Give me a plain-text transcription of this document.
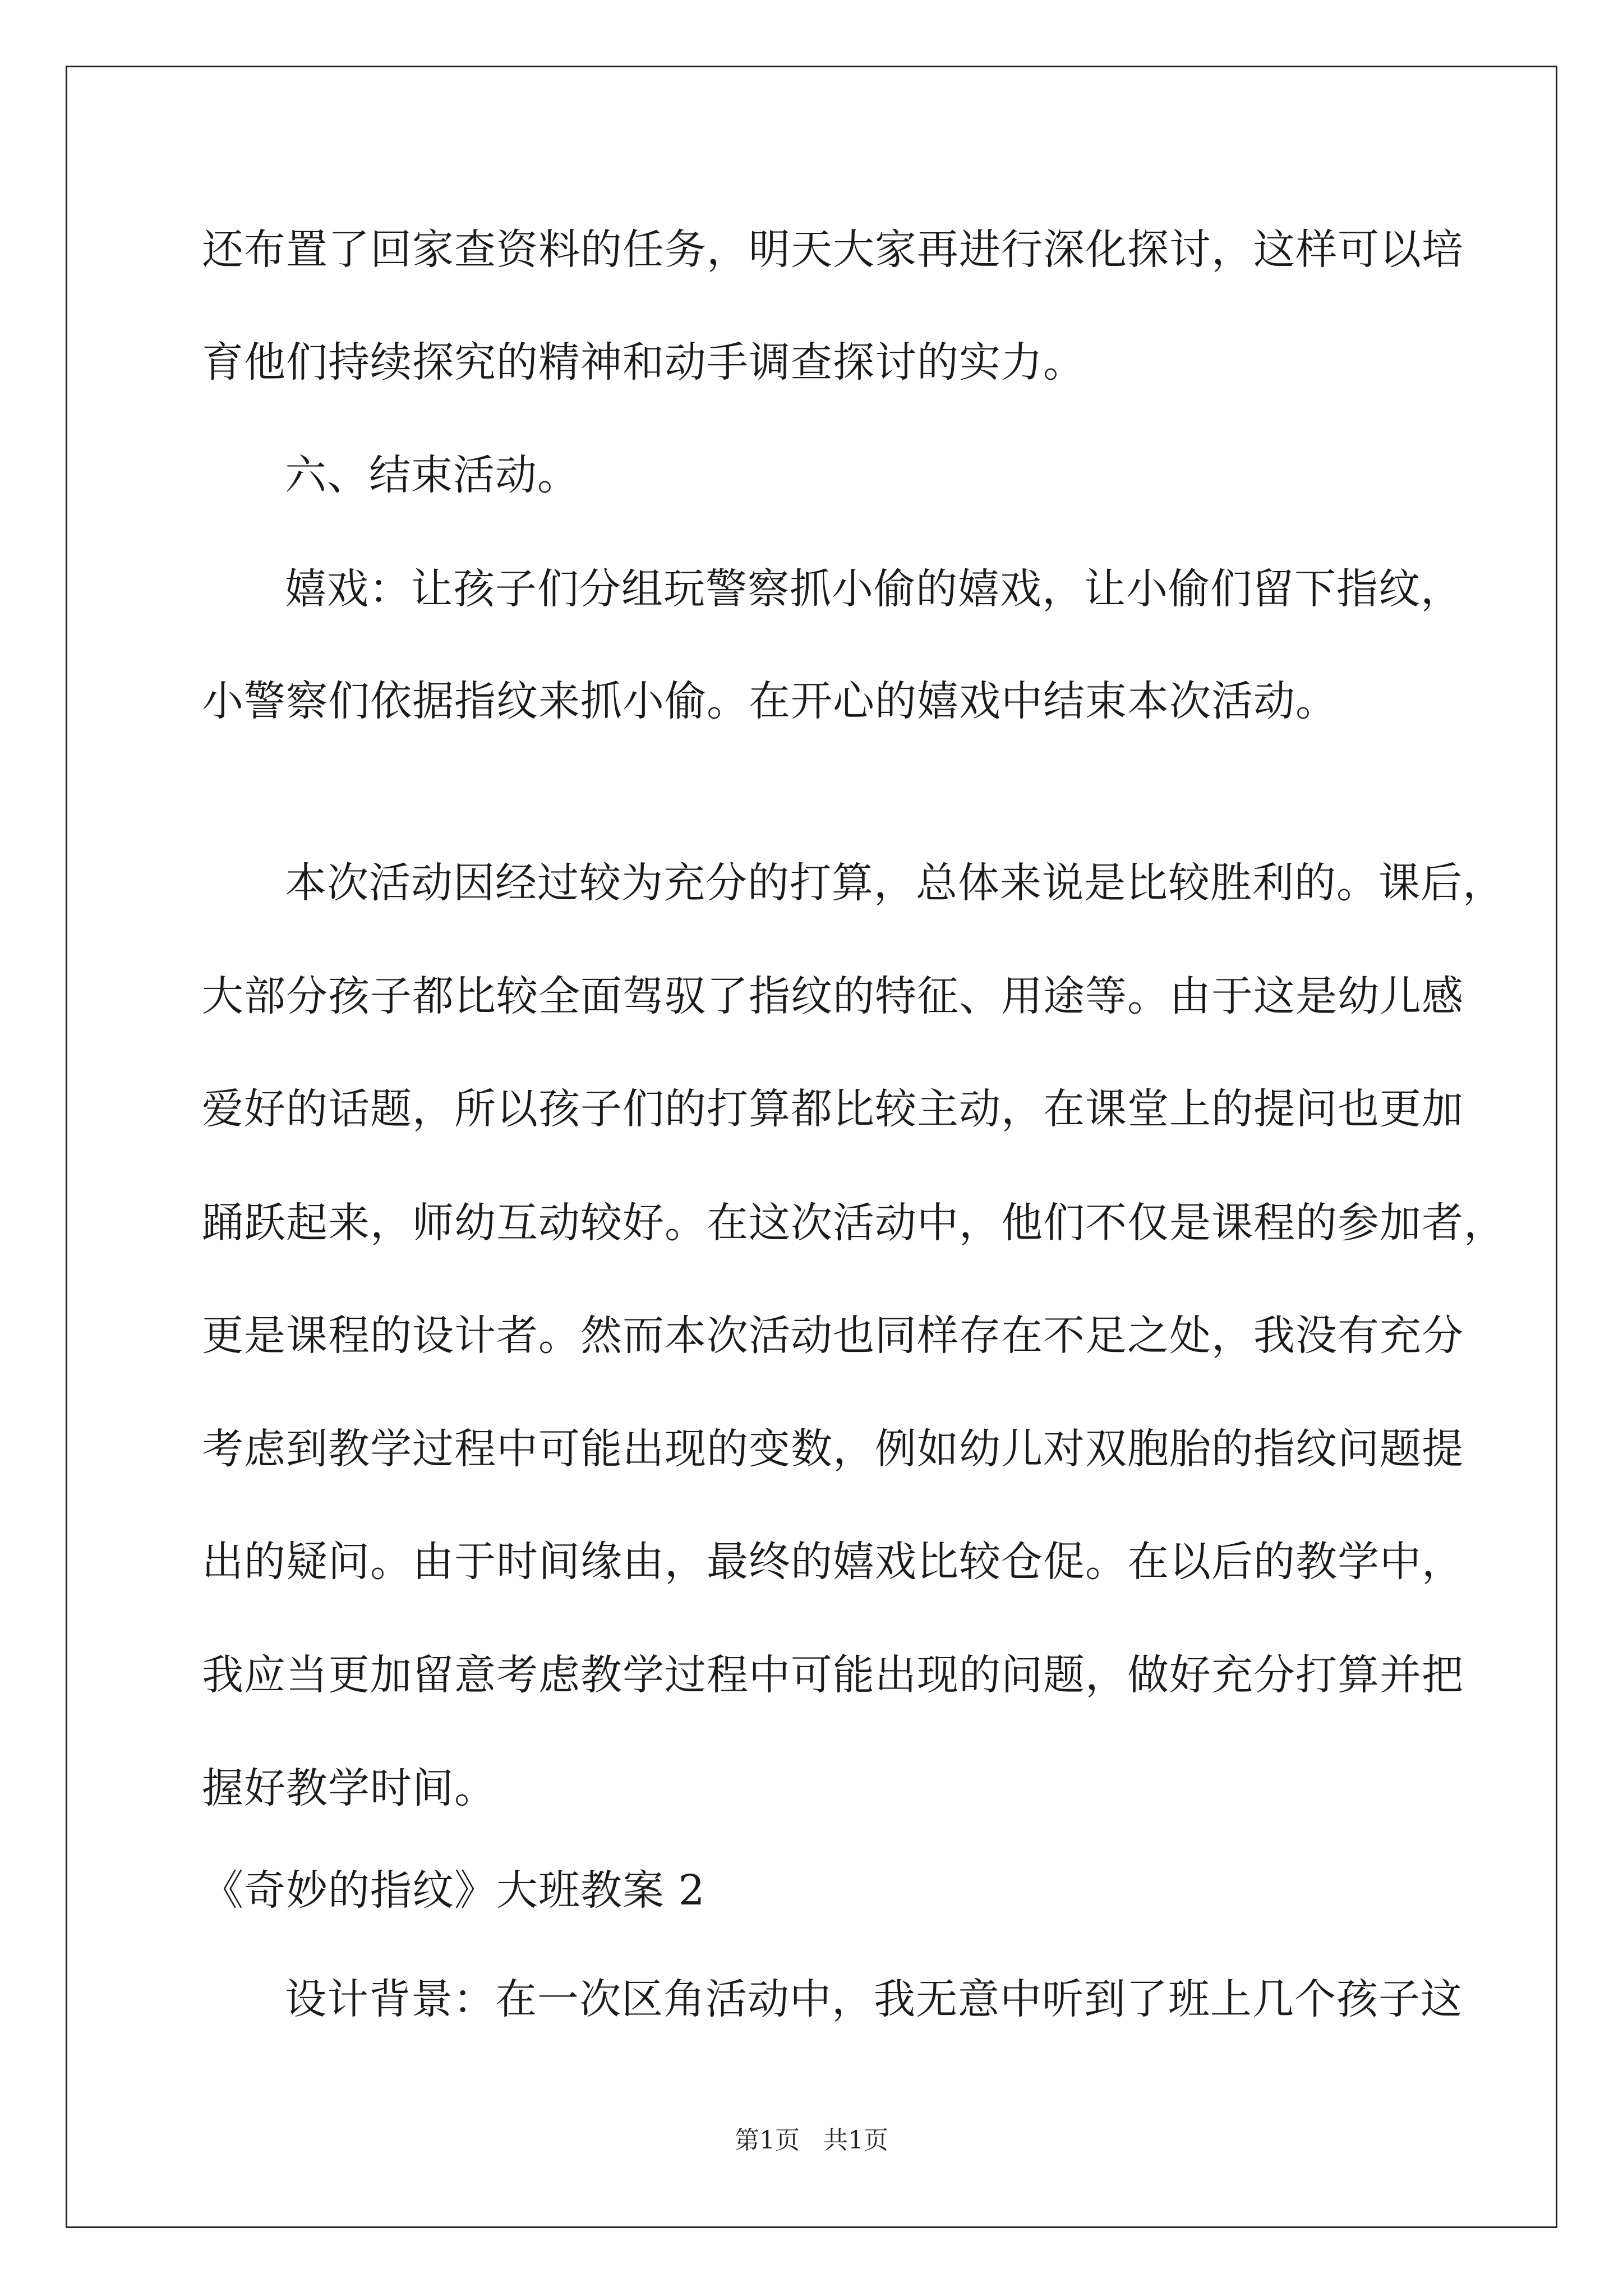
还布置了回家查资料的任务，明天大家再进行深化探讨，这样可以培
育他们持续探究的精神和动手调查探讨的实力。
六、结束活动。
嬉戏：让孩子们分组玩警察抓小偷的嬉戏，让小偷们留下指纹，
小警察们依据指纹来抓小偷。在开心的嬉戏中结束本次活动。
本次活动因经过较为充分的打算，总体来说是比较胜利的。课后，
大部分孩子都比较全面驾驭了指纹的特征、用途等。由于这是幼儿感
爱好的话题，所以孩子们的打算都比较主动，在课堂上的提问也更加
踊跃起来，师幼互动较好。在这次活动中，他们不仅是课程的参加者，
更是课程的设计者。然而本次活动也同样存在不足之处，我没有充分
考虑到教学过程中可能出现的变数，例如幼儿对双胞胎的指纹问题提
出的疑问。由于时间缘由，最终的嬉戏比较仓促。在以后的教学中，
我应当更加留意考虑教学过程中可能出现的问题，做好充分打算并把
握好教学时间。
《奇妙的指纹》大班教案 2
设计背景：在一次区角活动中，我无意中听到了班上几个孩子这
第1页   共1页
